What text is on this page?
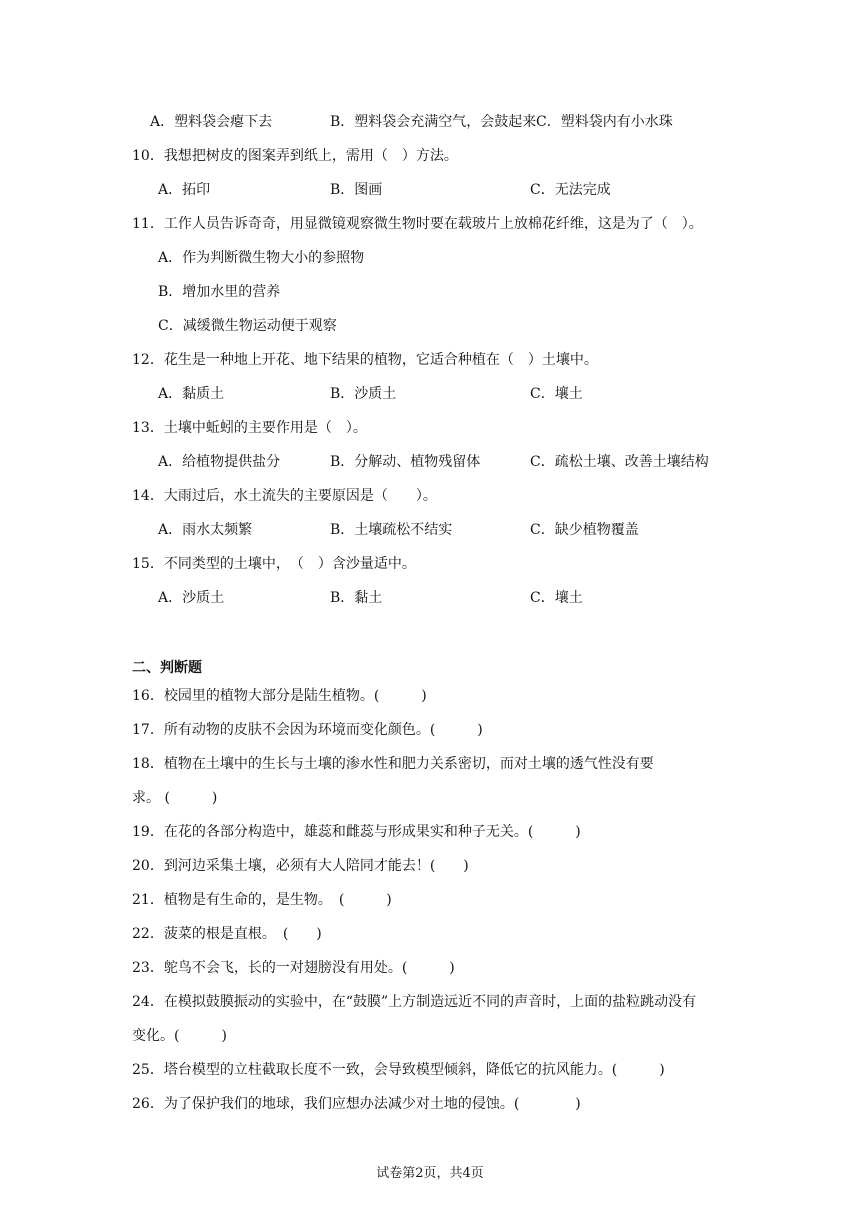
A．塑料袋会瘪下去	B．塑料袋会充满空气，会鼓起来 C．塑料袋内有小水珠
10．我想把树皮的图案弄到纸上，需用（　）方法。
A．拓印	B．图画	C．无法完成
11．工作人员告诉奇奇，用显微镜观察微生物时要在载玻片上放棉花纤维，这是为了（　）。
A．作为判断微生物大小的参照物
B．增加水里的营养
C．减缓微生物运动便于观察
12．花生是一种地上开花、地下结果的植物，它适合种植在（　）土壤中。
A．黏质土	B．沙质土	C．壤土
13．土壤中蚯蚓的主要作用是（　）。
A．给植物提供盐分	B．分解动、植物残留体	C．疏松土壤、改善土壤结构
14．大雨过后，水土流失的主要原因是（　　）。
A．雨水太频繁	B．土壤疏松不结实	C．缺少植物覆盖
15．不同类型的土壤中，　（　）含沙量适中。
A．沙质土	B．黏土	C．壤土
二、判断题
16．校园里的植物大部分是陆生植物。(　　　)
17．所有动物的皮肤不会因为环境而变化颜色。(　　　)
18．植物在土壤中的生长与土壤的渗水性和肥力关系密切，而对土壤的透气性没有要
求。 (　　　)
19．在花的各部分构造中，雄蕊和雌蕊与形成果实和种子无关。(　　　)
20．到河边采集土壤，必须有大人陪同才能去！(　　)
21．植物是有生命的，是生物。　(　　　)
22．菠菜的根是直根。　(　　)
23．鸵鸟不会飞，长的一对翅膀没有用处。(　　　)
24．在模拟鼓膜振动的实验中，在“鼓膜”上方制造远近不同的声音时，上面的盐粒跳动没有
变化。(　　　)
25．塔台模型的立柱截取长度不一致，会导致模型倾斜，降低它的抗风能力。(　　　)
26．为了保护我们的地球，我们应想办法减少对土地的侵蚀。(　　　　)
试卷第2页，共4页
